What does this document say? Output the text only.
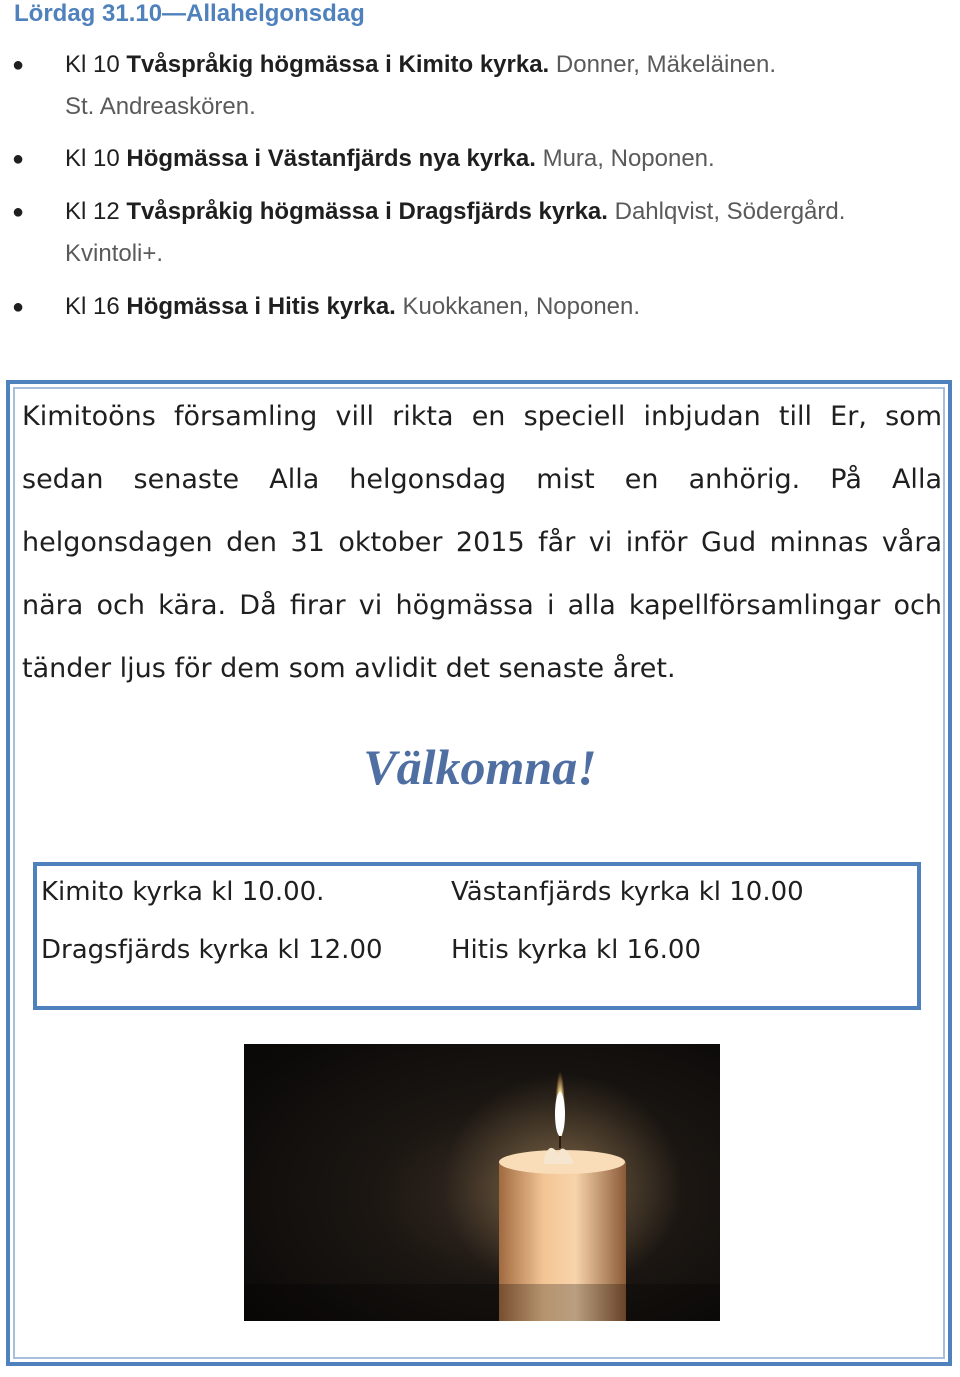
Lördag 31.10—Allahelgonsdag
● Kl 10 Tvåspråkig högmässa i Kimito kyrka. Donner, Mäkeläinen.
St. Andreaskören.
● Kl 10 Högmässa i Västanfjärds nya kyrka. Mura, Noponen.
● Kl 12 Tvåspråkig högmässa i Dragsfjärds kyrka. Dahlqvist, Södergård.
Kvintoli+.
● Kl 16 Högmässa i Hitis kyrka. Kuokkanen, Noponen.
Kimitoöns församling vill rikta en speciell inbjudan till Er, som sedan senaste Alla helgonsdag mist en anhörig. På Alla helgonsdagen den 31 oktober 2015 får vi inför Gud minnas våra nära och kära. Då firar vi högmässa i alla kapellförsamlingar och tänder ljus för dem som avlidit det senaste året.
Välkomna!
Kimito kyrka kl 10.00.	Västanfjärds kyrka kl 10.00
Dragsfjärds kyrka kl 12.00	Hitis kyrka kl 16.00
